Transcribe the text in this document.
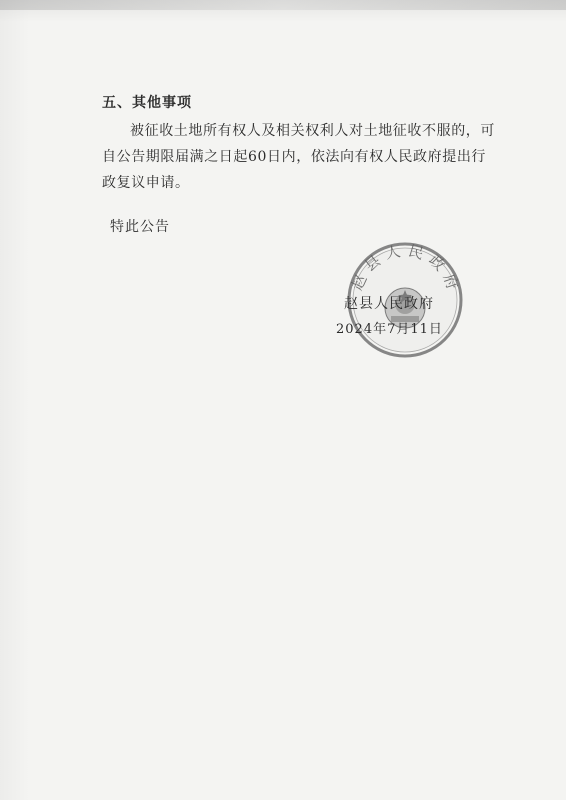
五、其他事项
被征收土地所有权人及相关权利人对土地征收不服的，可
自公告期限届满之日起60日内，依法向有权人民政府提出行
政复议申请。
特此公告
赵县人民政府
赵县人民政府
2024年7月11日
